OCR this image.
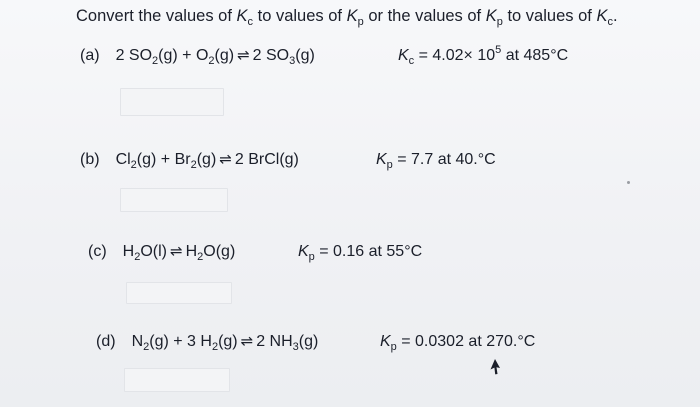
Convert the values of $K_c$ to values of $K_p$ or the values of $K_p$ to values of $K_c$.
(a) 2 $SO_2(g) + O_2(g)$ ⇌ 2 $SO_3(g)$	$K_c = 4.02\times 10^5$ at 485°C
(b) $Cl_2(g) + Br_2(g)$ ⇌ 2 BrCl(g)	$K_p = 7.7$ at 40.°C
(c) $H_2O(l)$ ⇌ $H_2O(g)$	$K_p = 0.16$ at 55°C
(d) $N_2(g) + 3$ $H_2(g)$ ⇌ 2 $NH_3(g)$	$K_p = 0.0302$ at 270.°C
